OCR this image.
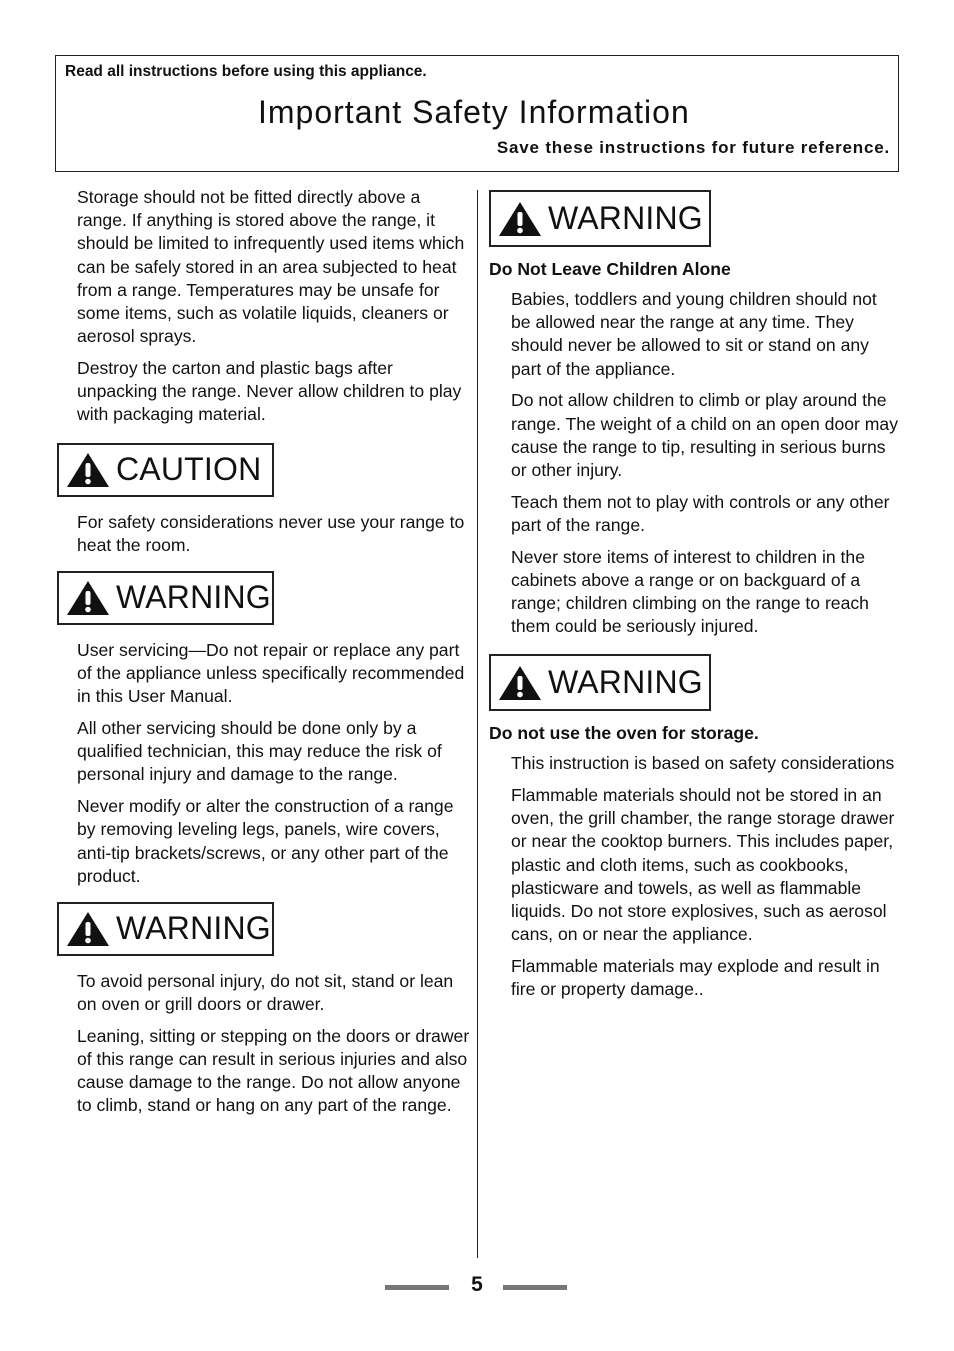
Read all instructions before using this appliance.
Important Safety Information
Save these instructions for future reference.

Storage should not be fitted directly above a range. If anything is stored above the range, it should be limited to infrequently used items which can be safely stored in an area subjected to heat from a range. Temperatures may be unsafe for some items, such as volatile liquids, cleaners or aerosol sprays.

Destroy the carton and plastic bags after unpacking the range. Never allow children to play with packaging material.

CAUTION

For safety considerations never use your range to heat the room.

WARNING

User servicing—Do not repair or replace any part of the appliance unless specifically recommended in this User Manual.

All other servicing should be done only by a qualified technician, this may reduce the risk of personal injury and damage to the range.

Never modify or alter the construction of a range by removing leveling legs, panels, wire covers, anti-tip brackets/screws, or any other part of the product.

WARNING

To avoid personal injury, do not sit, stand or lean on oven or grill doors or drawer.

Leaning, sitting or stepping on the doors or drawer of this range can result in serious injuries and also cause damage to the range. Do not allow anyone to climb, stand or hang on any part of the range.

WARNING
Do Not Leave Children Alone

Babies, toddlers and young children should not be allowed near the range at any time. They should never be allowed to sit or stand on any part of the appliance.

Do not allow children to climb or play around the range. The weight of a child on an open door may cause the range to tip, resulting in serious burns or other injury.

Teach them not to play with controls or any other part of the range.

Never store items of interest to children in the cabinets above a range or on backguard of a range; children climbing on the range to reach them could be seriously injured.

WARNING
Do not use the oven for storage.

This instruction is based on safety considerations

Flammable materials should not be stored in an oven, the grill chamber, the range storage drawer or near the cooktop burners. This includes paper, plastic and cloth items, such as cookbooks, plasticware and towels, as well as flammable liquids. Do not store explosives, such as aerosol cans, on or near the appliance.

Flammable materials may explode and result in fire or property damage..

5
